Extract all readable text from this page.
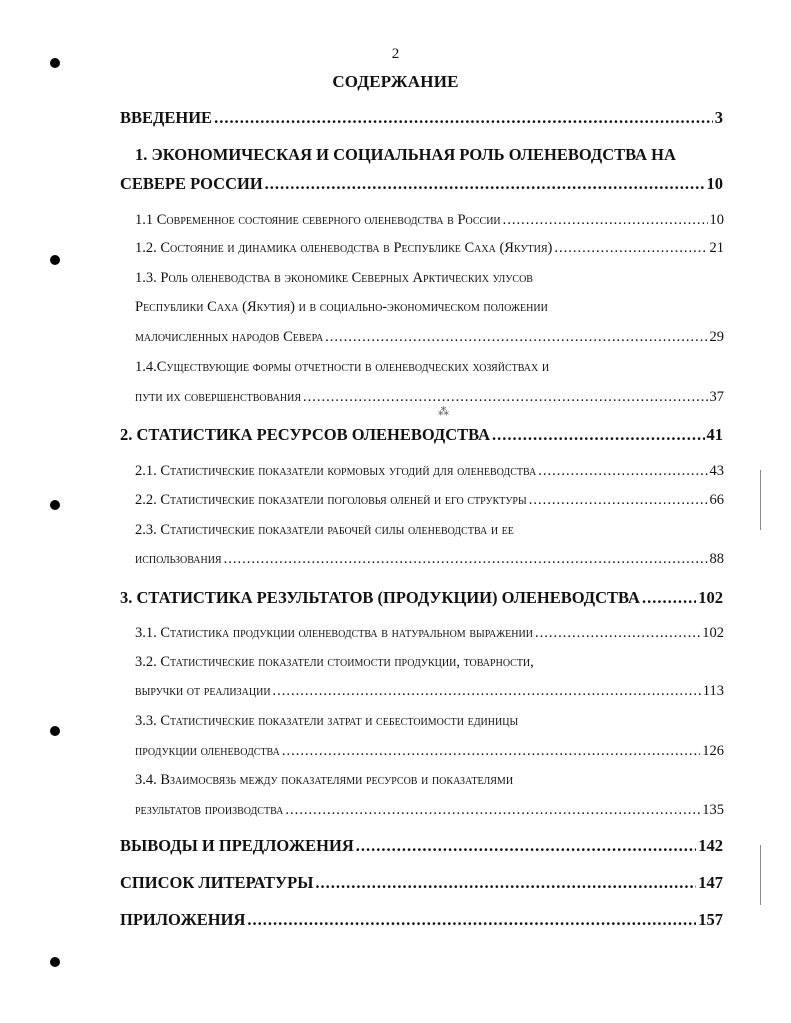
2
СОДЕРЖАНИЕ
ВВЕДЕНИЕ .....	3
1. ЭКОНОМИЧЕСКАЯ И СОЦИАЛЬНАЯ РОЛЬ ОЛЕНЕВОДСТВА НА
СЕВЕРЕ РОССИИ .....	10
1.1 Современное состояние северного оленеводства в России .....	10
1.2. Состояние и динамика оленеводства в Республике Саха (Якутия) .....	21
1.3. Роль оленеводства в экономике Северных Арктических улусов
Республики Саха (Якутия) и в социально-экономическом положении
малочисленных народов Севера .....	29
1.4.Существующие формы отчетности в оленеводческих хозяйствах и
пути их совершенствования .....	37
⁂
2. СТАТИСТИКА РЕСУРСОВ ОЛЕНЕВОДСТВА .....	41
2.1. Статистические показатели кормовых угодий для оленеводства .....	43
2.2. Статистические показатели поголовья оленей и его структуры .....	66
2.3. Статистические показатели рабочей силы оленеводства и ее
использования .....	88
3. СТАТИСТИКА РЕЗУЛЬТАТОВ (ПРОДУКЦИИ) ОЛЕНЕВОДСТВА .....	102
3.1. Статистика продукции оленеводства в натуральном выражении .....	102
3.2. Статистические показатели стоимости продукции, товарности,
выручки от реализации .....	113
3.3. Статистические показатели затрат и себестоимости единицы
продукции оленеводства .....	126
3.4. Взаимосвязь между показателями ресурсов и показателями
результатов производства .....	135
ВЫВОДЫ И ПРЕДЛОЖЕНИЯ .....	142
СПИСОК ЛИТЕРАТУРЫ .....	147
ПРИЛОЖЕНИЯ .....	157
